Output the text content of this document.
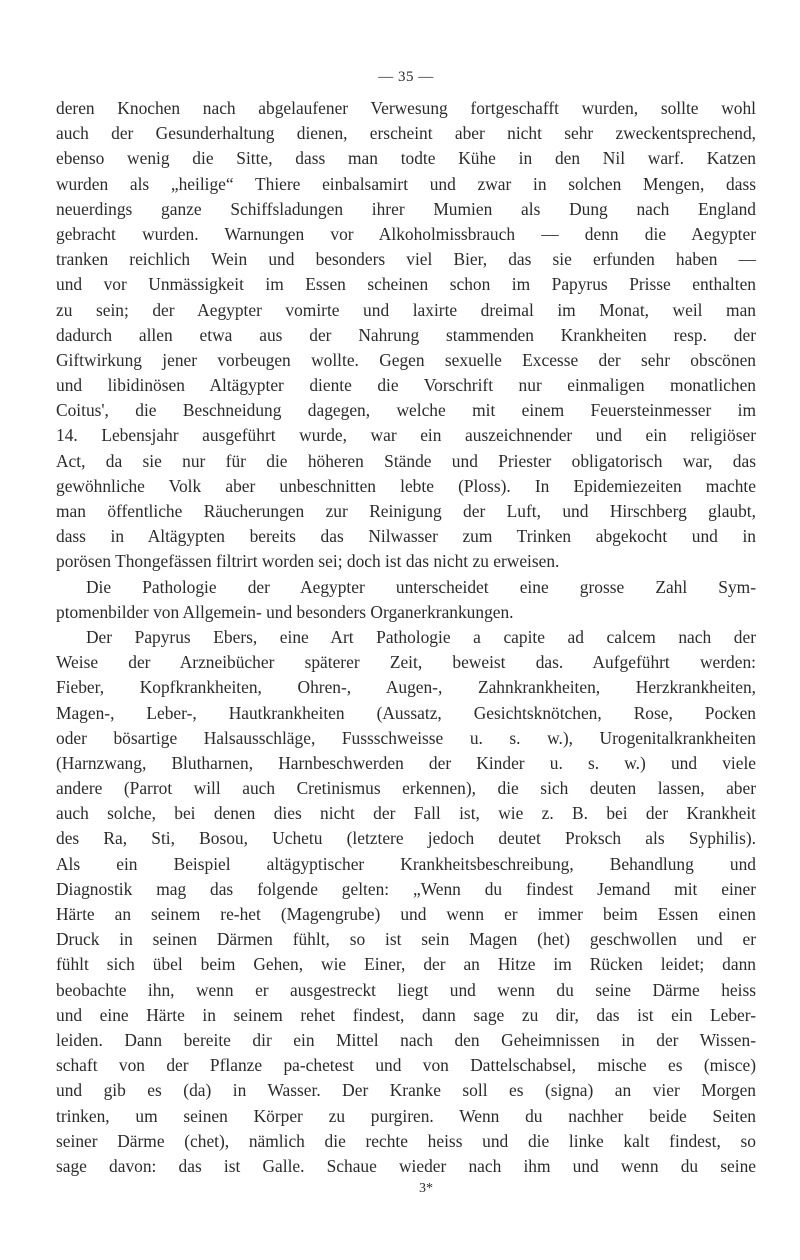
— 35 —
deren Knochen nach abgelaufener Verwesung fortgeschafft wurden, sollte wohl
auch der Gesunderhaltung dienen, erscheint aber nicht sehr zweckentsprechend,
ebenso wenig die Sitte, dass man todte Kühe in den Nil warf. Katzen
wurden als „heilige“ Thiere einbalsamirt und zwar in solchen Mengen, dass
neuerdings ganze Schiffsladungen ihrer Mumien als Dung nach England
gebracht wurden. Warnungen vor Alkoholmissbrauch — denn die Aegypter
tranken reichlich Wein und besonders viel Bier, das sie erfunden haben —
und vor Unmässigkeit im Essen scheinen schon im Papyrus Prisse enthalten
zu sein; der Aegypter vomirte und laxirte dreimal im Monat, weil man
dadurch allen etwa aus der Nahrung stammenden Krankheiten resp. der
Giftwirkung jener vorbeugen wollte. Gegen sexuelle Excesse der sehr obscönen
und libidinösen Altägypter diente die Vorschrift nur einmaligen monatlichen
Coitus', die Beschneidung dagegen, welche mit einem Feuersteinmesser im
14. Lebensjahr ausgeführt wurde, war ein auszeichnender und ein religiöser
Act, da sie nur für die höheren Stände und Priester obligatorisch war, das
gewöhnliche Volk aber unbeschnitten lebte (Ploss). In Epidemiezeiten machte
man öffentliche Räucherungen zur Reinigung der Luft, und Hirschberg glaubt,
dass in Altägypten bereits das Nilwasser zum Trinken abgekocht und in
porösen Thongefässen filtrirt worden sei; doch ist das nicht zu erweisen.
Die Pathologie der Aegypter unterscheidet eine grosse Zahl Sym-
ptomenbilder von Allgemein- und besonders Organerkrankungen.
Der Papyrus Ebers, eine Art Pathologie a capite ad calcem nach der
Weise der Arzneibücher späterer Zeit, beweist das. Aufgeführt werden:
Fieber, Kopfkrankheiten, Ohren-, Augen-, Zahnkrankheiten, Herzkrankheiten,
Magen-, Leber-, Hautkrankheiten (Aussatz, Gesichtsknötchen, Rose, Pocken
oder bösartige Halsausschläge, Fussschweisse u. s. w.), Urogenitalkrankheiten
(Harnzwang, Blutharnen, Harnbeschwerden der Kinder u. s. w.) und viele
andere (Parrot will auch Cretinismus erkennen), die sich deuten lassen, aber
auch solche, bei denen dies nicht der Fall ist, wie z. B. bei der Krankheit
des Ra, Sti, Bosou, Uchetu (letztere jedoch deutet Proksch als Syphilis).
Als ein Beispiel altägyptischer Krankheitsbeschreibung, Behandlung und
Diagnostik mag das folgende gelten: „Wenn du findest Jemand mit einer
Härte an seinem re-het (Magengrube) und wenn er immer beim Essen einen
Druck in seinen Därmen fühlt, so ist sein Magen (het) geschwollen und er
fühlt sich übel beim Gehen, wie Einer, der an Hitze im Rücken leidet; dann
beobachte ihn, wenn er ausgestreckt liegt und wenn du seine Därme heiss
und eine Härte in seinem rehet findest, dann sage zu dir, das ist ein Leber-
leiden. Dann bereite dir ein Mittel nach den Geheimnissen in der Wissen-
schaft von der Pflanze pa-chetest und von Dattelschabsel, mische es (misce)
und gib es (da) in Wasser. Der Kranke soll es (signa) an vier Morgen
trinken, um seinen Körper zu purgiren. Wenn du nachher beide Seiten
seiner Därme (chet), nämlich die rechte heiss und die linke kalt findest, so
sage davon: das ist Galle. Schaue wieder nach ihm und wenn du seine
3*
